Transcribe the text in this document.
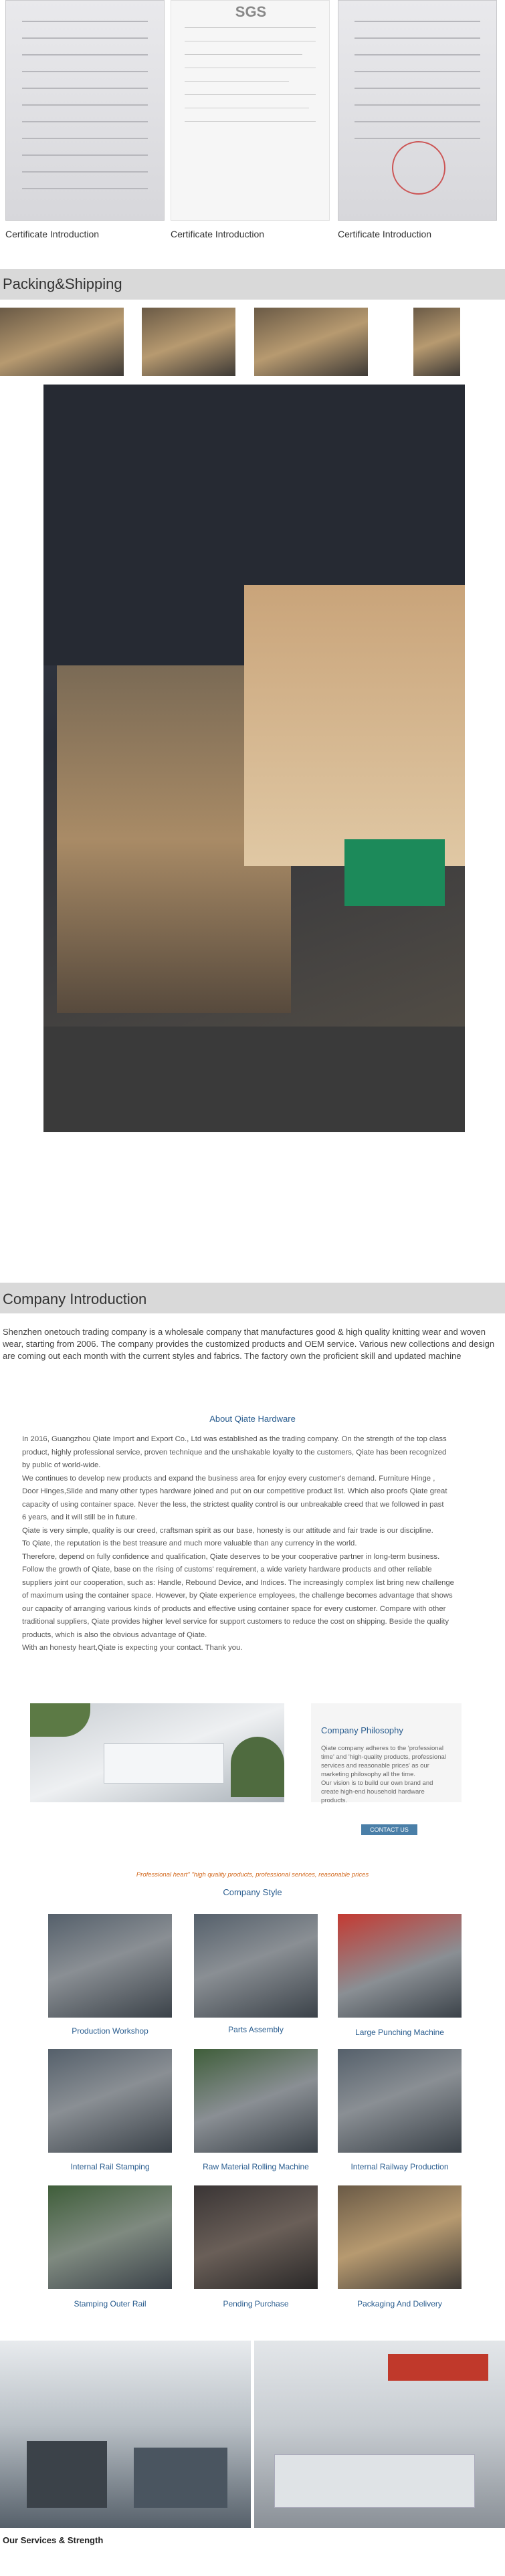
SGS
Certificate Introduction	Certificate Introduction	Certificate Introduction
Packing&Shipping
Company Introduction
Shenzhen onetouch trading company is a wholesale company that manufactures good & high quality knitting wear and woven wear, starting from 2006. The company provides the customized products and OEM service. Various new collections and design are coming out each month with the current styles and fabrics. The factory own the proficient skill and updated machine
About Qiate Hardware
In 2016, Guangzhou Qiate Import and Export Co., Ltd was established as the trading company. On the strength of the top class
product, highly professional service, proven technique and the unshakable loyalty to the customers, Qiate has been recognized
by public of world-wide.
We continues to develop new products and expand the business area for enjoy every customer's demand. Furniture Hinge ,
Door Hinges,Slide and many other types hardware joined and put on our competitive product list. Which also proofs Qiate great
capacity of using container space. Never the less, the strictest quality control is our unbreakable creed that we followed in past
6 years, and it will still be in future.
Qiate is very simple, quality is our creed, craftsman spirit as our base, honesty is our attitude and fair trade is our discipline.
To Qiate, the reputation is the best treasure and much more valuable than any currency in the world.
Therefore, depend on fully confidence and qualification, Qiate deserves to be your cooperative partner in long-term business.
Follow the growth of Qiate, base on the rising of customs' requirement, a wide variety hardware products and other reliable
suppliers joint our cooperation, such as: Handle, Rebound Device, and Indices. The increasingly complex list bring new challenge
of maximum using the container space. However, by Qiate experience employees, the challenge becomes advantage that shows
our capacity of arranging various kinds of products and effective using container space for every customer. Compare with other
traditional suppliers, Qiate provides higher level service for support customers to reduce the cost on shipping. Beside the quality
products, which is also the obvious advantage of Qiate.
With an honesty heart,Qiate is expecting your contact. Thank you.
Company Philosophy
Qiate company adheres to the 'professional
time' and 'high-quality products, professional
services and reasonable prices' as our
marketing philosophy all the time.
Our vision is to build our own brand and
create high-end household hardware
products.
CONTACT US
Professional heart" "high quality products, professional services, reasonable prices
Company Style
Production Workshop	Parts Assembly	Large Punching Machine
Internal Rail Stamping	Raw Material Rolling Machine	Internal Railway Production
Stamping Outer Rail	Pending Purchase	Packaging And Delivery
Our Services & Strength
